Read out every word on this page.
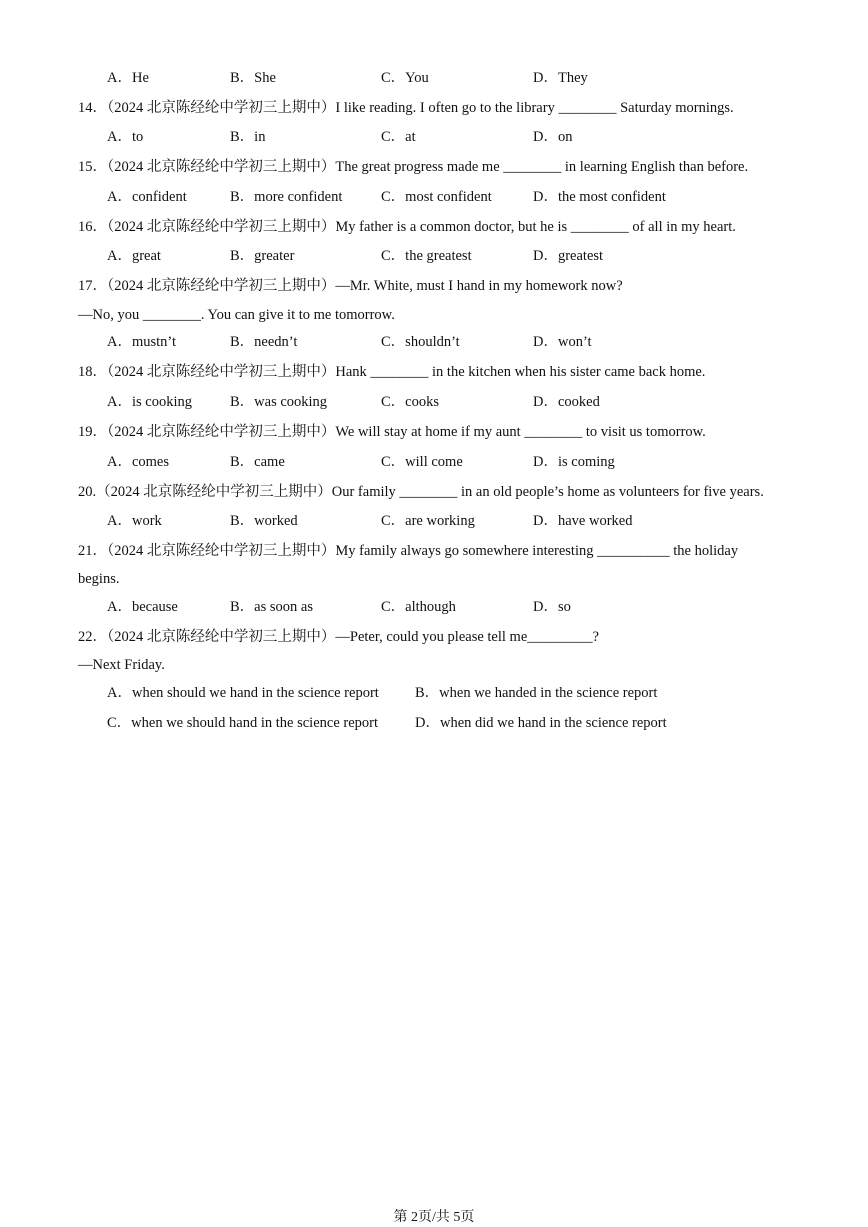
A．He	B．She	C．You	D．They
14．（2024 北京陈经纶中学初三上期中）I like reading. I often go to the library ________ Saturday mornings.
A．to	B．in	C．at	D．on
15．（2024 北京陈经纶中学初三上期中）The great progress made me ________ in learning English than before.
A．confident	B．more confident	C．most confident	D．the most confident
16．（2024 北京陈经纶中学初三上期中）My father is a common doctor, but he is ________ of all in my heart.
A．great	B．greater	C．the greatest	D．greatest
17．（2024 北京陈经纶中学初三上期中）—Mr. White, must I hand in my homework now?
—No, you ________. You can give it to me tomorrow.
A．mustn’t	B．needn’t	C．shouldn’t	D．won’t
18．（2024 北京陈经纶中学初三上期中）Hank ________ in the kitchen when his sister came back home.
A．is cooking	B．was cooking	C．cooks	D．cooked
19．（2024 北京陈经纶中学初三上期中）We will stay at home if my aunt ________ to visit us tomorrow.
A．comes	B．came	C．will come	D．is coming
20.（2024 北京陈经纶中学初三上期中）Our family ________ in an old people’s home as volunteers for five years.
A．work	B．worked	C．are working	D．have worked
21．（2024 北京陈经纶中学初三上期中）My family always go somewhere interesting __________ the holiday
begins.
A．because	B．as soon as	C．although	D．so
22．（2024 北京陈经纶中学初三上期中）—Peter, could you please tell me_________?
—Next Friday.
A．when should we hand in the science report B．when we handed in the science report
C．when we should hand in the science report	D．when did we hand in the science report
第 2页/共 5页
